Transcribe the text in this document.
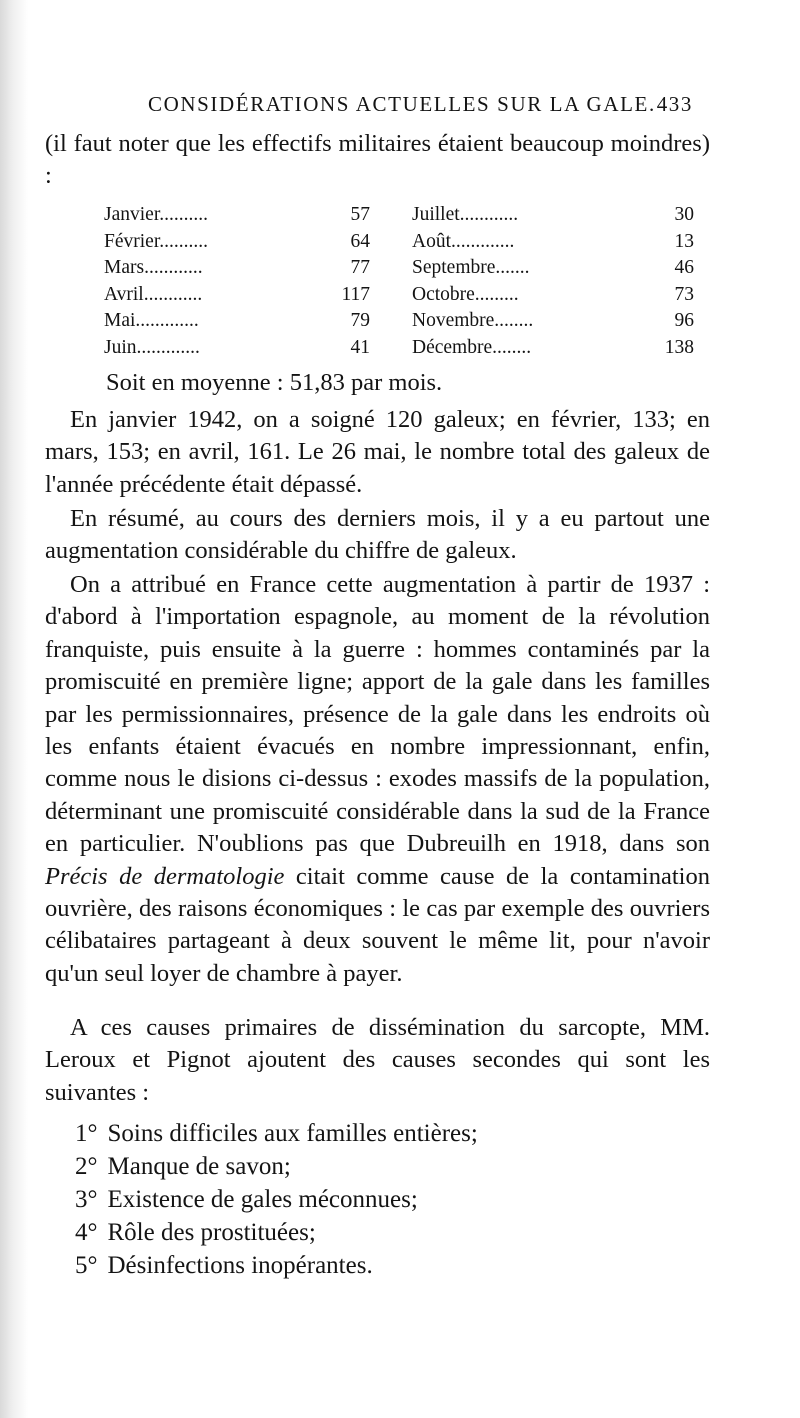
CONSIDÉRATIONS ACTUELLES SUR LA GALE. 433

(il faut noter que les effectifs militaires étaient beaucoup moindres) :

Janvier..........	57 Juillet............	30
Février..........	64 Août.............	13
Mars............	77 Septembre.......	46
Avril............	117 Octobre.........	73
Mai.............	79 Novembre........	96
Juin.............	41 Décembre........	138

Soit en moyenne : 51,83 par mois.

En janvier 1942, on a soigné 120 galeux; en février, 133; en mars, 153; en avril, 161. Le 26 mai, le nombre total des galeux de l'année précédente était dépassé.

En résumé, au cours des derniers mois, il y a eu partout une augmentation considérable du chiffre de galeux.

On a attribué en France cette augmentation à partir de 1937 : d'abord à l'importation espagnole, au moment de la révolution franquiste, puis ensuite à la guerre : hommes contaminés par la promiscuité en première ligne; apport de la gale dans les familles par les permissionnaires, présence de la gale dans les endroits où les enfants étaient évacués en nombre impressionnant, enfin, comme nous le disions ci-dessus : exodes massifs de la population, déterminant une promiscuité considérable dans la sud de la France en particulier. N'oublions pas que Dubreuilh en 1918, dans son Précis de dermatologie citait comme cause de la contamination ouvrière, des raisons économiques : le cas par exemple des ouvriers célibataires partageant à deux souvent le même lit, pour n'avoir qu'un seul loyer de chambre à payer.

A ces causes primaires de dissémination du sarcopte, MM. Leroux et Pignot ajoutent des causes secondes qui sont les suivantes :

1° Soins difficiles aux familles entières;
2° Manque de savon;
3° Existence de gales méconnues;
4° Rôle des prostituées;
5° Désinfections inopérantes.
